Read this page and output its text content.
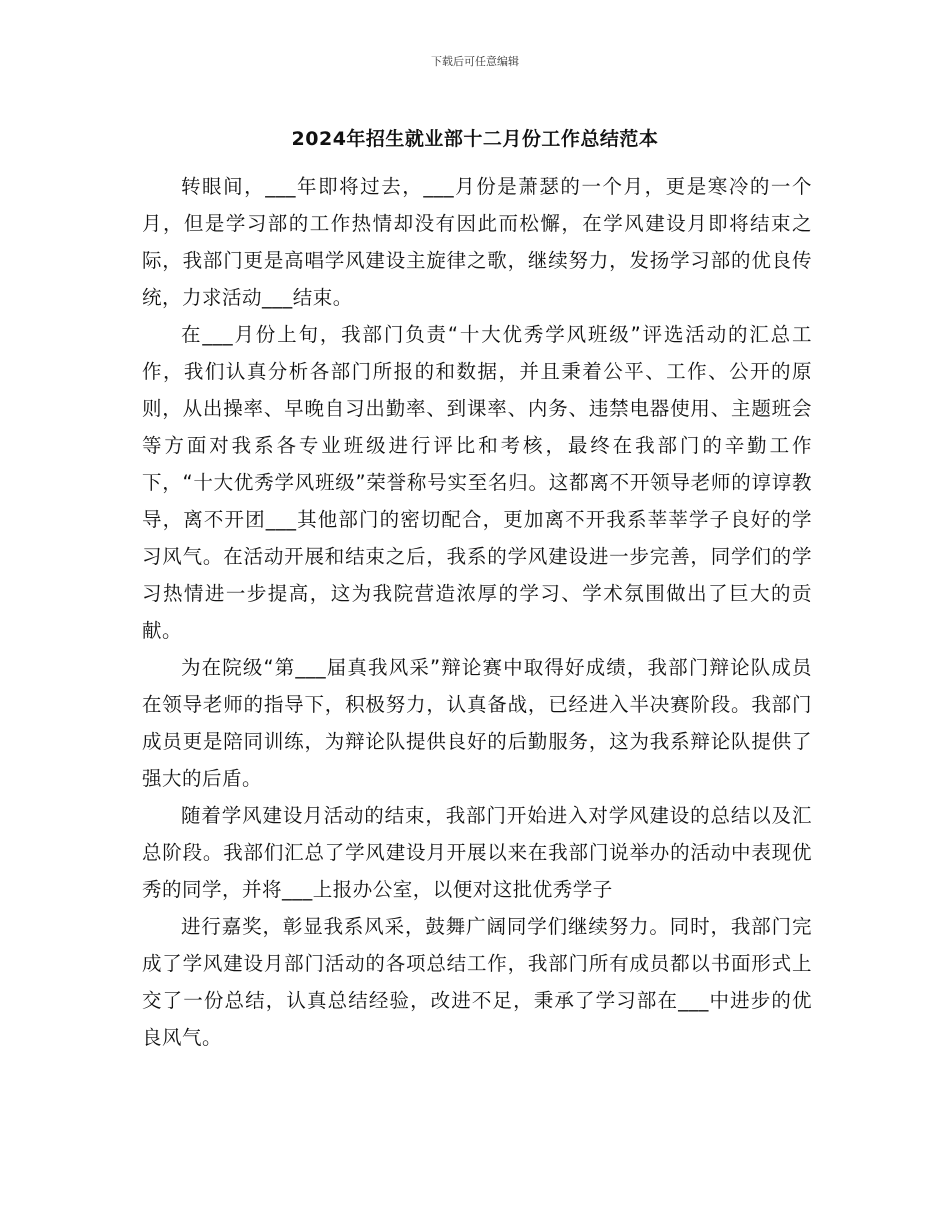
下载后可任意编辑
2024年招生就业部十二月份工作总结范本

转眼间，___年即将过去，___月份是萧瑟的一个月，更是寒冷的一个月，但是学习部的工作热情却没有因此而松懈，在学风建设月即将结束之际，我部门更是高唱学风建设主旋律之歌，继续努力，发扬学习部的优良传统，力求活动___结束。

在___月份上旬，我部门负责“十大优秀学风班级”评选活动的汇总工作，我们认真分析各部门所报的和数据，并且秉着公平、工作、公开的原则，从出操率、早晚自习出勤率、到课率、内务、违禁电器使用、主题班会等方面对我系各专业班级进行评比和考核，最终在我部门的辛勤工作下，“十大优秀学风班级”荣誉称号实至名归。这都离不开领导老师的谆谆教导，离不开团___其他部门的密切配合，更加离不开我系莘莘学子良好的学习风气。在活动开展和结束之后，我系的学风建设进一步完善，同学们的学习热情进一步提高，这为我院营造浓厚的学习、学术氛围做出了巨大的贡献。

为在院级“第___届真我风采”辩论赛中取得好成绩，我部门辩论队成员在领导老师的指导下，积极努力，认真备战，已经进入半决赛阶段。我部门成员更是陪同训练，为辩论队提供良好的后勤服务，这为我系辩论队提供了强大的后盾。

随着学风建设月活动的结束，我部门开始进入对学风建设的总结以及汇总阶段。我部们汇总了学风建设月开展以来在我部门说举办的活动中表现优秀的同学，并将___上报办公室，以便对这批优秀学子

进行嘉奖，彰显我系风采，鼓舞广阔同学们继续努力。同时，我部门完成了学风建设月部门活动的各项总结工作，我部门所有成员都以书面形式上交了一份总结，认真总结经验，改进不足，秉承了学习部在___中进步的优良风气。
